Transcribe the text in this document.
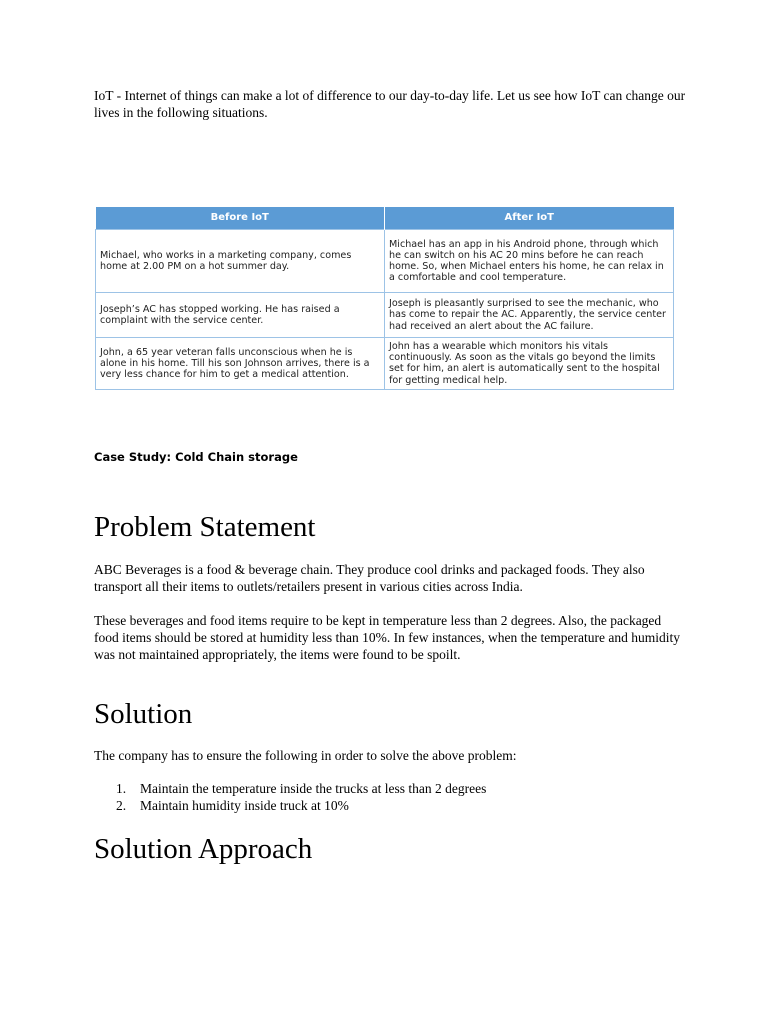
IoT - Internet of things can make a lot of difference to our day-to-day life. Let us see how IoT can change our lives in the following situations.

Before IoT	After IoT
Michael, who works in a marketing company, comes home at 2.00 PM on a hot summer day.	Michael has an app in his Android phone, through which he can switch on his AC 20 mins before he can reach home. So, when Michael enters his home, he can relax in a comfortable and cool temperature.
Joseph’s AC has stopped working. He has raised a complaint with the service center.	Joseph is pleasantly surprised to see the mechanic, who has come to repair the AC. Apparently, the service center had received an alert about the AC failure.
John, a 65 year veteran falls unconscious when he is alone in his home. Till his son Johnson arrives, there is a very less chance for him to get a medical attention.	John has a wearable which monitors his vitals continuously. As soon as the vitals go beyond the limits set for him, an alert is automatically sent to the hospital for getting medical help.
Case Study: Cold Chain storage
Problem Statement

ABC Beverages is a food & beverage chain. They produce cool drinks and packaged foods. They also transport all their items to outlets/retailers present in various cities across India.

These beverages and food items require to be kept in temperature less than 2 degrees. Also, the packaged food items should be stored at humidity less than 10%. In few instances, when the temperature and humidity was not maintained appropriately, the items were found to be spoilt.

Solution

The company has to ensure the following in order to solve the above problem:

1. Maintain the temperature inside the trucks at less than 2 degrees
2. Maintain humidity inside truck at 10%
Solution Approach
